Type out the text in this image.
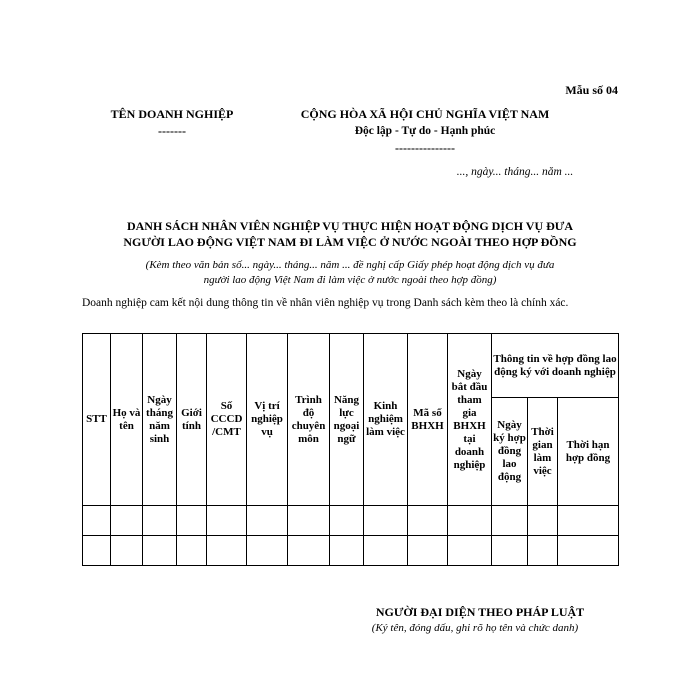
Mẫu số 04
TÊN DOANH NGHIỆP
-------
CỘNG HÒA XÃ HỘI CHỦ NGHĨA VIỆT NAM
Độc lập - Tự do - Hạnh phúc
---------------
..., ngày... tháng... năm ...
DANH SÁCH NHÂN VIÊN NGHIỆP VỤ THỰC HIỆN HOẠT ĐỘNG DỊCH VỤ ĐƯA
NGƯỜI LAO ĐỘNG VIỆT NAM ĐI LÀM VIỆC Ở NƯỚC NGOÀI THEO HỢP ĐỒNG
(Kèm theo văn bản số... ngày... tháng... năm ... đề nghị cấp Giấy phép hoạt động dịch vụ đưa
người lao động Việt Nam đi làm việc ở nước ngoài theo hợp đồng)
Doanh nghiệp cam kết nội dung thông tin về nhân viên nghiệp vụ trong Danh sách kèm theo là chính xác.
STT	Họ và tên	Ngày tháng năm sinh	Giới tính	Số CCCD /CMT	Vị trí nghiệp vụ	Trình độ chuyên môn	Năng lực ngoại ngữ	Kinh nghiệm làm việc	Mã số BHXH	Ngày bắt đầu tham gia BHXH tại doanh nghiệp	Thông tin về hợp đồng lao động ký với doanh nghiệp		
											Ngày ký hợp đồng lao động	Thời gian làm việc	Thời hạn hợp đồng

NGƯỜI ĐẠI DIỆN THEO PHÁP LUẬT
(Ký tên, đóng dấu, ghi rõ họ tên và chức danh)
